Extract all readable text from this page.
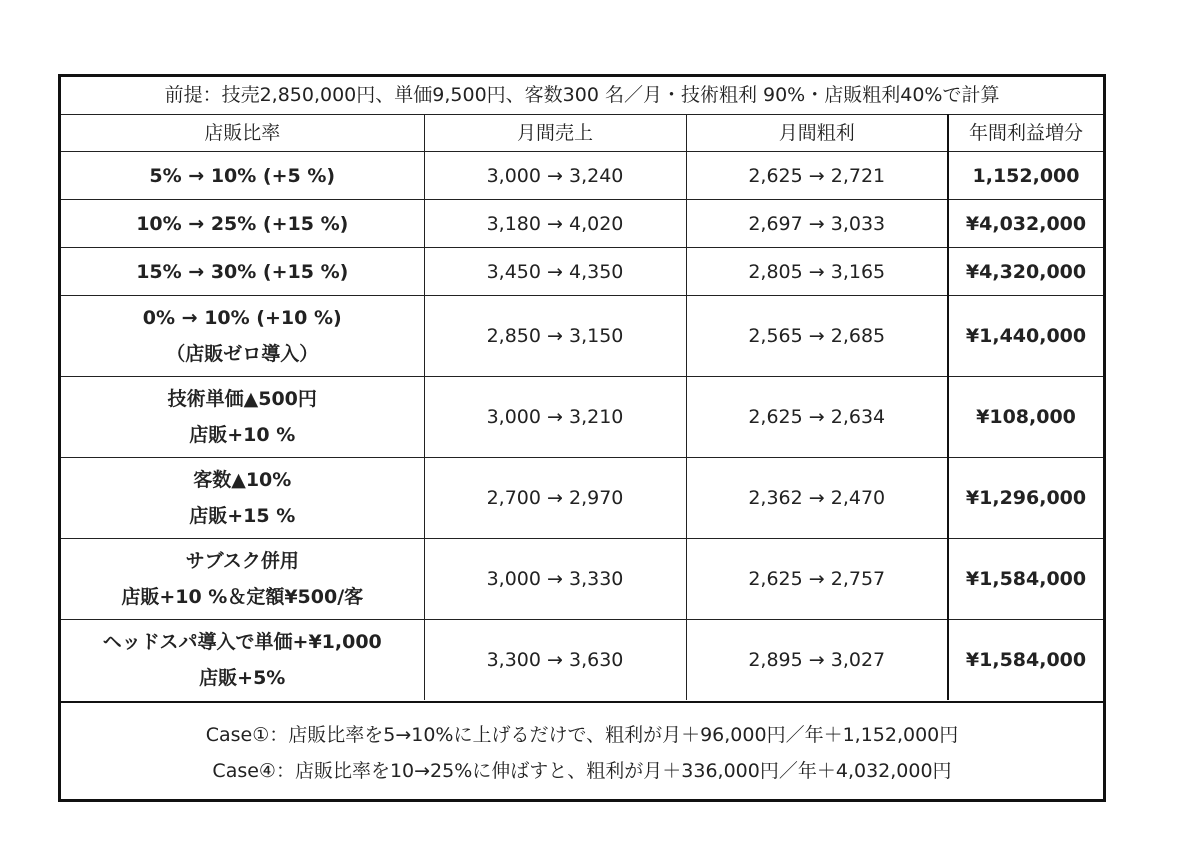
前提：技売2,850,000円、単価9,500円、客数300 名／月・技術粗利 90%・店販粗利40%で計算			
店販比率	月間売上	月間粗利	年間利益増分

5% → 10% (+5 %)	3,000 → 3,240	2,625 → 2,721	1,152,000

10% → 25% (+15 %)	3,180 → 4,020	2,697 → 3,033	¥4,032,000

15% → 30% (+15 %)	3,450 → 4,350	2,805 → 3,165	¥4,320,000

0% → 10% (+10 %)
（店販ゼロ導入）	2,850 → 3,150	2,565 → 2,685	¥1,440,000

技術単価▲500円
店販+10 %	3,000 → 3,210	2,625 → 2,634	¥108,000

客数▲10%
店販+15 %	2,700 → 2,970	2,362 → 2,470	¥1,296,000

サブスク併用
店販+10 %＆定額¥500/客	3,000 → 3,330	2,625 → 2,757	¥1,584,000

ヘッドスパ導入で単価+¥1,000
店販+5%	3,300 → 3,630	2,895 → 3,027	¥1,584,000
Case①：店販比率を5→10%に上げるだけで、粗利が月＋96,000円／年＋1,152,000円
Case④：店販比率を10→25%に伸ばすと、粗利が月＋336,000円／年＋4,032,000円
